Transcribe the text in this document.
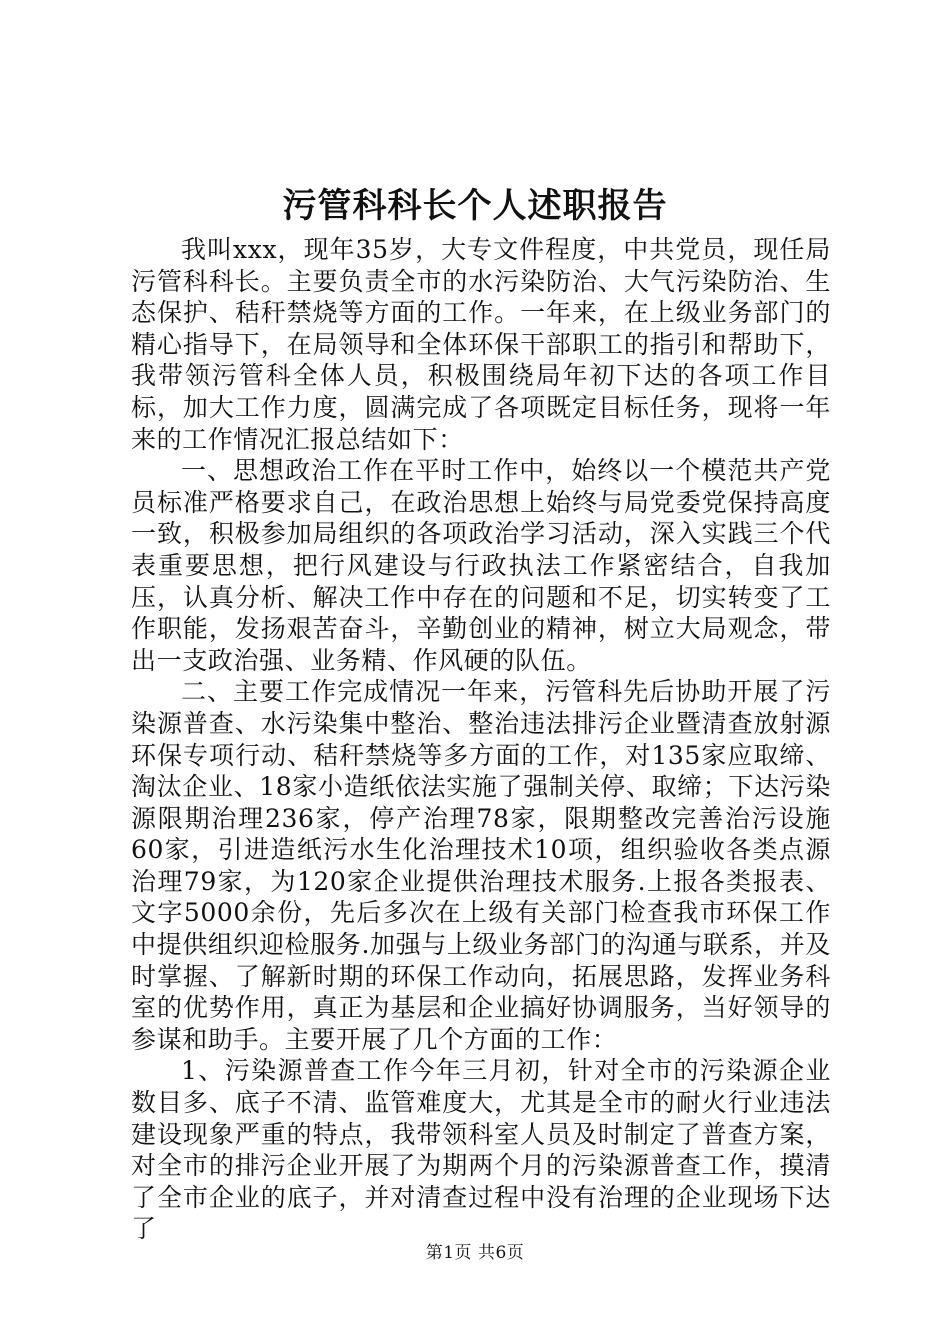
污管科科长个人述职报告

我叫xxx，现年35岁，大专文件程度，中共党员，现任局污管科科长。主要负责全市的水污染防治、大气污染防治、生态保护、秸秆禁烧等方面的工作。一年来，在上级业务部门的精心指导下，在局领导和全体环保干部职工的指引和帮助下，我带领污管科全体人员，积极围绕局年初下达的各项工作目标，加大工作力度，圆满完成了各项既定目标任务，现将一年来的工作情况汇报总结如下：

一、思想政治工作在平时工作中，始终以一个模范共产党员标准严格要求自己，在政治思想上始终与局党委党保持高度一致，积极参加局组织的各项政治学习活动，深入实践三个代表重要思想，把行风建设与行政执法工作紧密结合，自我加压，认真分析、解决工作中存在的问题和不足，切实转变了工作职能，发扬艰苦奋斗，辛勤创业的精神，树立大局观念，带出一支政治强、业务精、作风硬的队伍。

二、主要工作完成情况一年来，污管科先后协助开展了污染源普查、水污染集中整治、整治违法排污企业暨清查放射源环保专项行动、秸秆禁烧等多方面的工作，对135家应取缔、淘汰企业、18家小造纸依法实施了强制关停、取缔；下达污染源限期治理236家，停产治理78家，限期整改完善治污设施60家，引进造纸污水生化治理技术10项，组织验收各类点源治理79家，为120家企业提供治理技术服务.上报各类报表、文字5000余份，先后多次在上级有关部门检查我市环保工作中提供组织迎检服务.加强与上级业务部门的沟通与联系，并及时掌握、了解新时期的环保工作动向，拓展思路，发挥业务科室的优势作用，真正为基层和企业搞好协调服务，当好领导的参谋和助手。主要开展了几个方面的工作：

1、污染源普查工作今年三月初，针对全市的污染源企业数目多、底子不清、监管难度大，尤其是全市的耐火行业违法建设现象严重的特点，我带领科室人员及时制定了普查方案，对全市的排污企业开展了为期两个月的污染源普查工作，摸清了全市企业的底子，并对清查过程中没有治理的企业现场下达了

第1页 共6页
